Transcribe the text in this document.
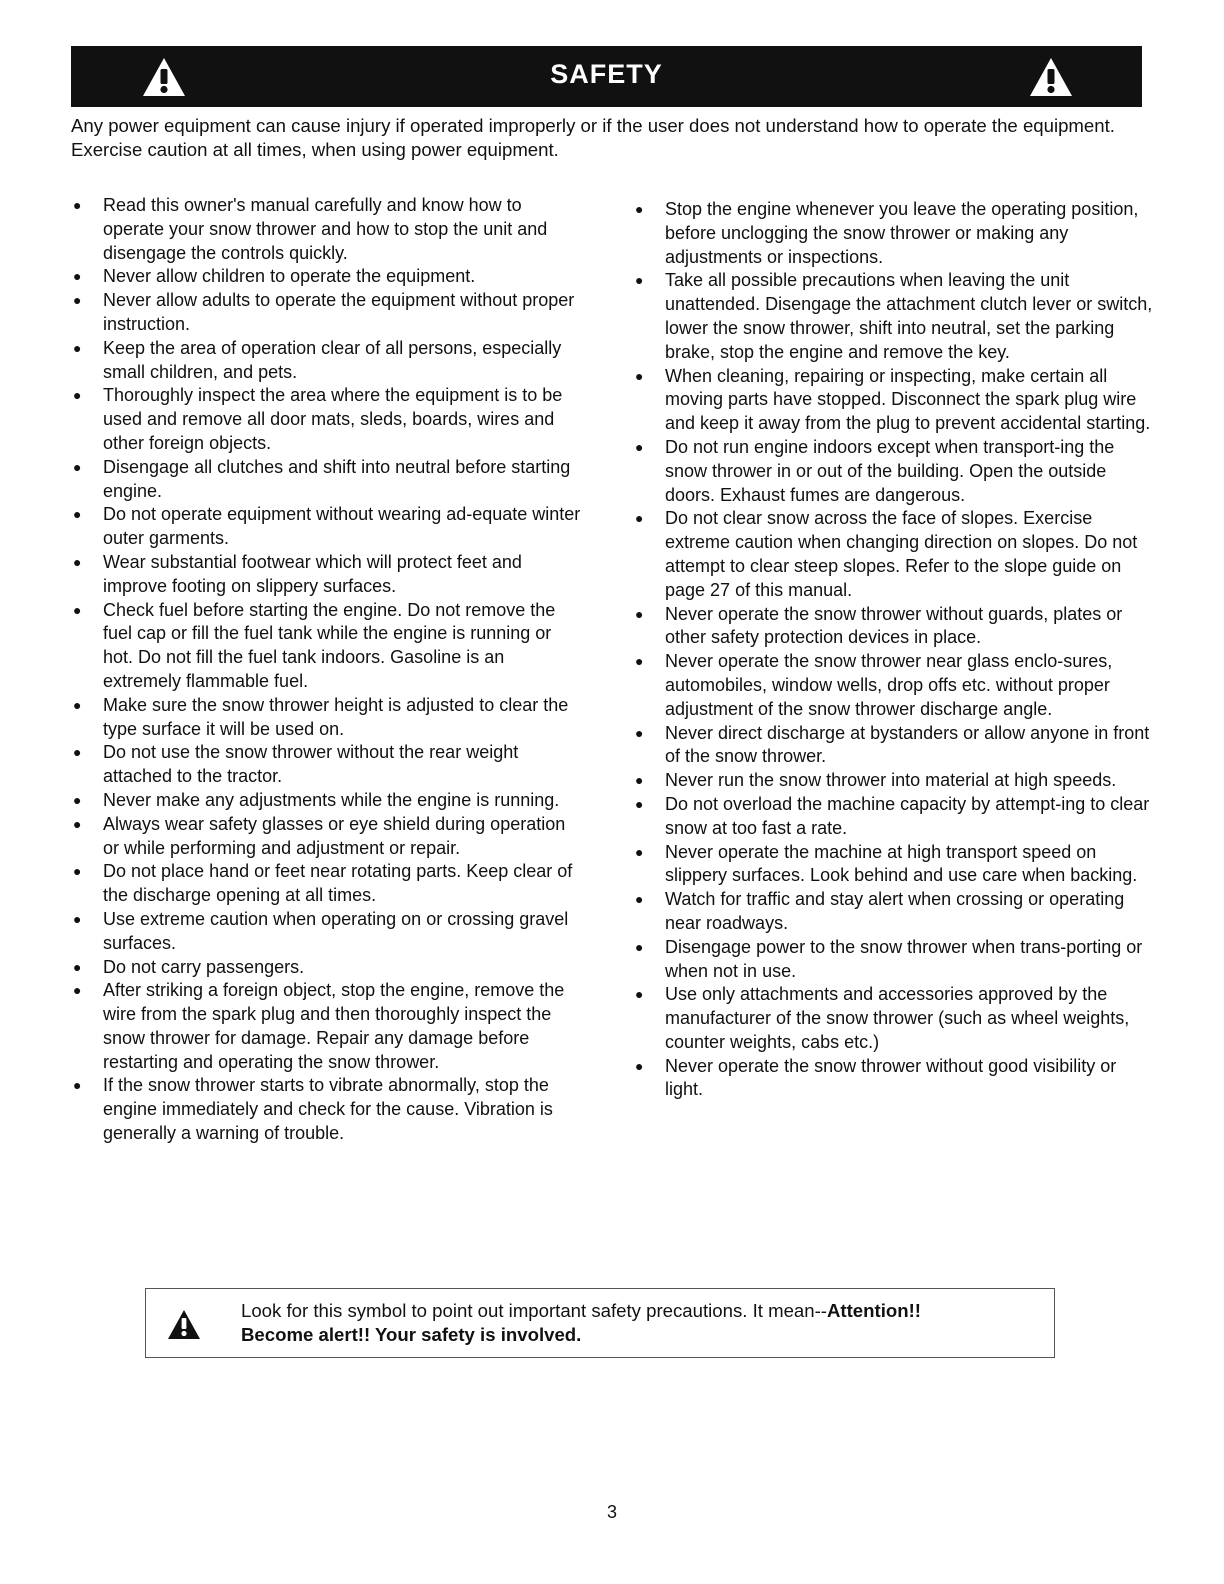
SAFETY

Any power equipment can cause injury if operated improperly or if the user does not understand how to operate the equipment. Exercise caution at all times, when using power equipment.

● Read this owner's manual carefully and know how to operate your snow thrower and how to stop the unit and disengage the controls quickly.
● Never allow children to operate the equipment.
● Never allow adults to operate the equipment without proper instruction.
● Keep the area of operation clear of all persons, especially small children, and pets.
● Thoroughly inspect the area where the equipment is to be used and remove all door mats, sleds, boards, wires and other foreign objects.
● Disengage all clutches and shift into neutral before starting engine.
● Do not operate equipment without wearing ad-equate winter outer garments.
● Wear substantial footwear which will protect feet and improve footing on slippery surfaces.
● Check fuel before starting the engine. Do not remove the fuel cap or fill the fuel tank while the engine is running or hot. Do not fill the fuel tank indoors. Gasoline is an extremely flammable fuel.
● Make sure the snow thrower height is adjusted to clear the type surface it will be used on.
● Do not use the snow thrower without the rear weight attached to the tractor.
● Never make any adjustments while the engine is running.
● Always wear safety glasses or eye shield during operation or while performing and adjustment or repair.
● Do not place hand or feet near rotating parts. Keep clear of the discharge opening at all times.
● Use extreme caution when operating on or crossing gravel surfaces.
● Do not carry passengers.
● After striking a foreign object, stop the engine, remove the wire from the spark plug and then thoroughly inspect the snow thrower for damage. Repair any damage before restarting and operating the snow thrower.
● If the snow thrower starts to vibrate abnormally, stop the engine immediately and check for the cause. Vibration is generally a warning of trouble.
● Stop the engine whenever you leave the operating position, before unclogging the snow thrower or making any adjustments or inspections.
● Take all possible precautions when leaving the unit unattended. Disengage the attachment clutch lever or switch, lower the snow thrower, shift into neutral, set the parking brake, stop the engine and remove the key.
● When cleaning, repairing or inspecting, make certain all moving parts have stopped. Disconnect the spark plug wire and keep it away from the plug to prevent accidental starting.
● Do not run engine indoors except when transport-ing the snow thrower in or out of the building. Open the outside doors. Exhaust fumes are dangerous.
● Do not clear snow across the face of slopes. Exercise extreme caution when changing direction on slopes. Do not attempt to clear steep slopes. Refer to the slope guide on page 27 of this manual.
● Never operate the snow thrower without guards, plates or other safety protection devices in place.
● Never operate the snow thrower near glass enclo-sures, automobiles, window wells, drop offs etc. without proper adjustment of the snow thrower discharge angle.
● Never direct discharge at bystanders or allow anyone in front of the snow thrower.
● Never run the snow thrower into material at high speeds.
● Do not overload the machine capacity by attempt-ing to clear snow at too fast a rate.
● Never operate the machine at high transport speed on slippery surfaces. Look behind and use care when backing.
● Watch for traffic and stay alert when crossing or operating near roadways.
● Disengage power to the snow thrower when trans-porting or when not in use.
● Use only attachments and accessories approved by the manufacturer of the snow thrower (such as wheel weights, counter weights, cabs etc.)
● Never operate the snow thrower without good visibility or light.
Look for this symbol to point out important safety precautions. It mean--Attention!!
Become alert!! Your safety is involved.
3
